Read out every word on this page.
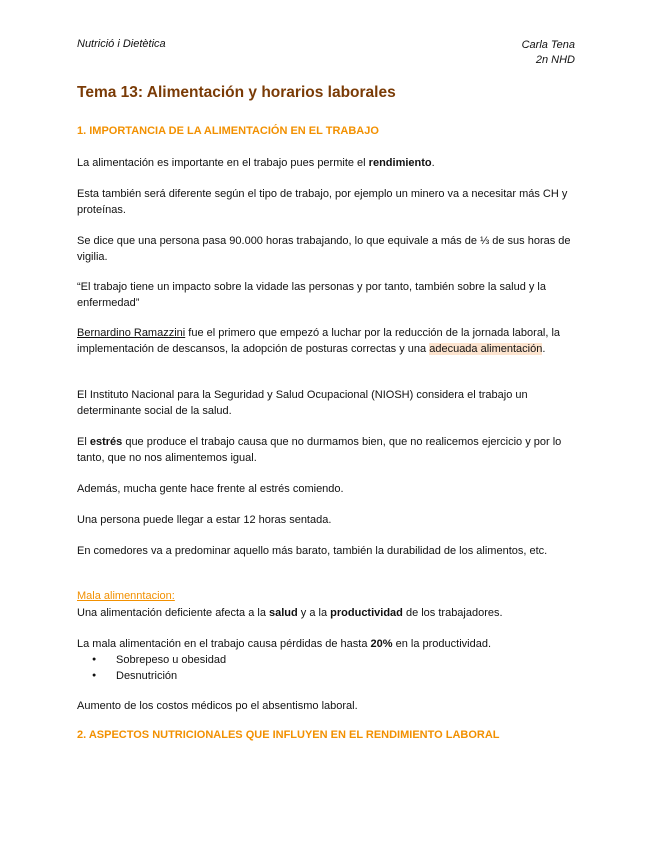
Nutrició i Dietètica	Carla Tena
2n NHD
Tema 13: Alimentación y horarios laborales
1. IMPORTANCIA DE LA ALIMENTACIÓN EN EL TRABAJO

La alimentación es importante en el trabajo pues permite el rendimiento.

Esta también será diferente según el tipo de trabajo, por ejemplo un minero va a necesitar más CH y proteínas.

Se dice que una persona pasa 90.000 horas trabajando, lo que equivale a más de ⅓ de sus horas de vigilia.

“El trabajo tiene un impacto sobre la vidade las personas y por tanto, también sobre la salud y la enfermedad”

Bernardino Ramazzini fue el primero que empezó a luchar por la reducción de la jornada laboral, la implementación de descansos, la adopción de posturas correctas y una adecuada alimentación.

El Instituto Nacional para la Seguridad y Salud Ocupacional (NIOSH) considera el trabajo un determinante social de la salud.

El estrés que produce el trabajo causa que no durmamos bien, que no realicemos ejercicio y por lo tanto, que no nos alimentemos igual.

Además, mucha gente hace frente al estrés comiendo.

Una persona puede llegar a estar 12 horas sentada.

En comedores va a predominar aquello más barato, también la durabilidad de los alimentos, etc.

Mala alimenntacion:

Una alimentación deficiente afecta a la salud y a la productividad de los trabajadores.

La mala alimentación en el trabajo causa pérdidas de hasta 20% en la productividad.

● Sobrepeso u obesidad
● Desnutrición

Aumento de los costos médicos po el absentismo laboral.

2. ASPECTOS NUTRICIONALES QUE INFLUYEN EN EL RENDIMIENTO LABORAL
